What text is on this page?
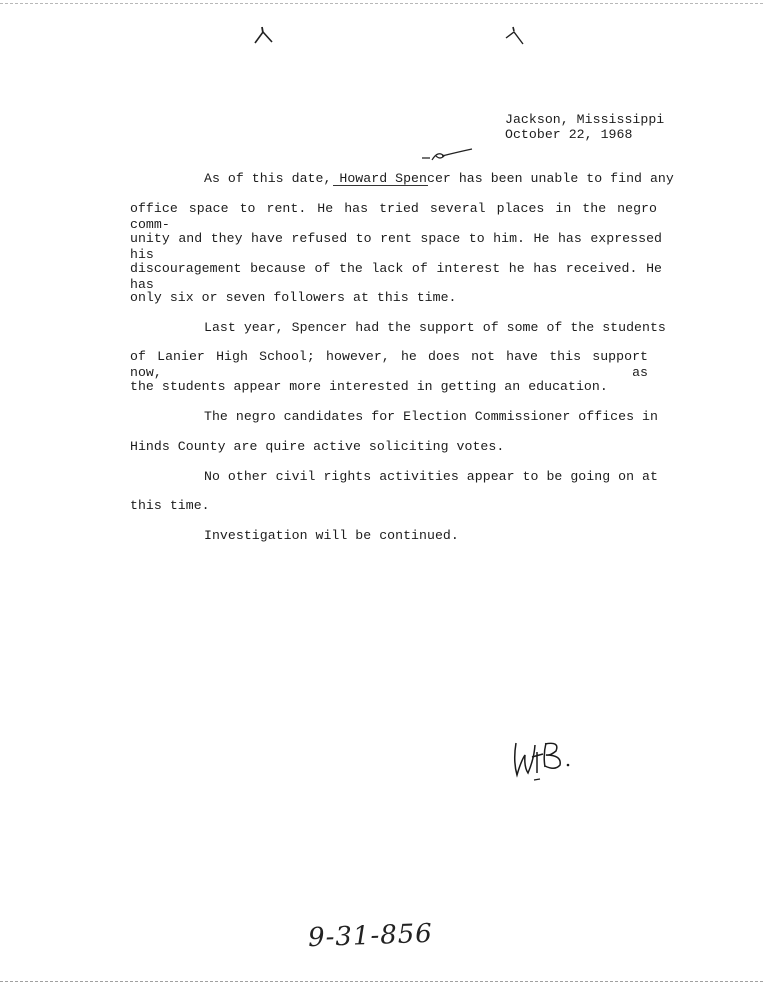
Jackson, Mississippi
October 22, 1968
As of this date, Howard Spencer has been unable to find any
office space to rent. He has tried several places in the negro comm-
unity and they have refused to rent space to him. He has expressed his
discouragement because of the lack of interest he has received. He has
only six or seven followers at this time.
Last year, Spencer had the support of some of the students
of Lanier High School; however, he does not have this support now, as
the students appear more interested in getting an education.
The negro candidates for Election Commissioner offices in
Hinds County are quire active soliciting votes.
No other civil rights activities appear to be going on at
this time.
Investigation will be continued.
9-31-856
